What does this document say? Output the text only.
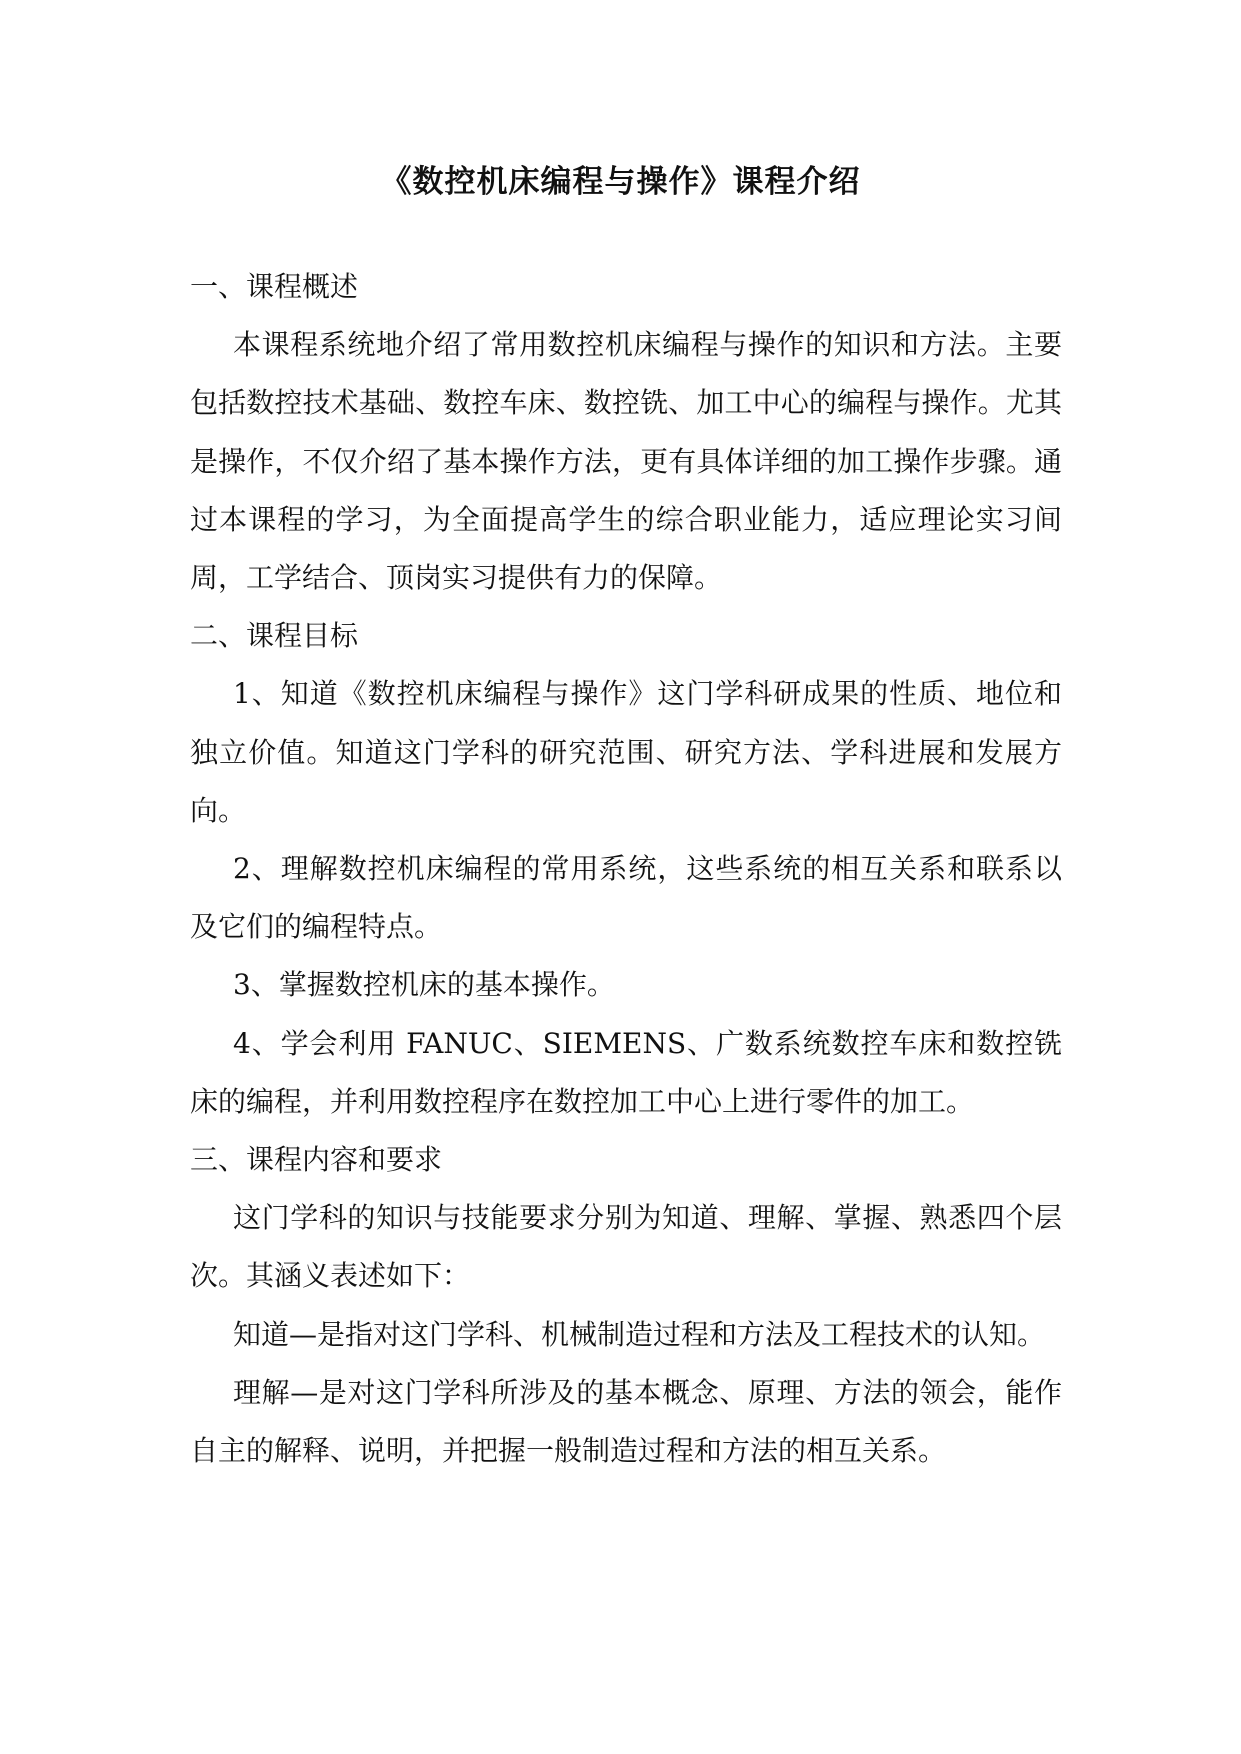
《数控机床编程与操作》课程介绍

一、课程概述

本课程系统地介绍了常用数控机床编程与操作的知识和方法。主要包括数控技术基础、数控车床、数控铣、加工中心的编程与操作。尤其是操作，不仅介绍了基本操作方法，更有具体详细的加工操作步骤。通过本课程的学习，为全面提高学生的综合职业能力，适应理论实习间周，工学结合、顶岗实习提供有力的保障。

二、课程目标

1、知道《数控机床编程与操作》这门学科研成果的性质、地位和独立价值。知道这门学科的研究范围、研究方法、学科进展和发展方向。

2、理解数控机床编程的常用系统，这些系统的相互关系和联系以及它们的编程特点。

3、掌握数控机床的基本操作。

4、学会利用 FANUC、SIEMENS、广数系统数控车床和数控铣床的编程，并利用数控程序在数控加工中心上进行零件的加工。

三、课程内容和要求

这门学科的知识与技能要求分别为知道、理解、掌握、熟悉四个层次。其涵义表述如下：

知道—是指对这门学科、机械制造过程和方法及工程技术的认知。

理解—是对这门学科所涉及的基本概念、原理、方法的领会，能作自主的解释、说明，并把握一般制造过程和方法的相互关系。
